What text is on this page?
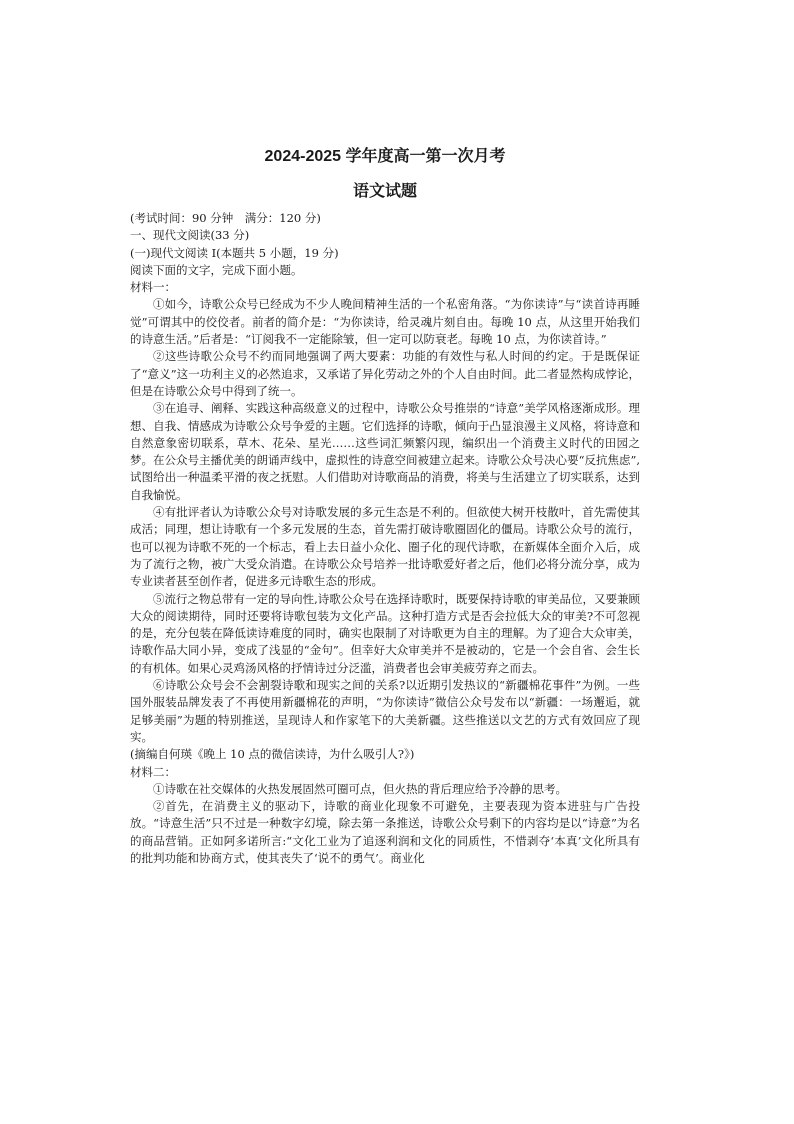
2024-2025 学年度高一第一次月考
语文试题

(考试时间：90 分钟　满分：120 分)

一、现代文阅读(33 分)

(一)现代文阅读 I(本题共 5 小题，19 分)

阅读下面的文字，完成下面小题。

材料一：

①如今，诗歌公众号已经成为不少人晚间精神生活的一个私密角落。“为你读诗”与“读首诗再睡觉”可谓其中的佼佼者。前者的简介是：“为你读诗，给灵魂片刻自由。每晚 10 点，从这里开始我们的诗意生活。”后者是：“订阅我不一定能除皱，但一定可以防衰老。每晚 10 点，为你读首诗。”

②这些诗歌公众号不约而同地强调了两大要素：功能的有效性与私人时间的约定。于是既保证了“意义”这一功利主义的必然追求，又承诺了异化劳动之外的个人自由时间。此二者显然构成悖论，但是在诗歌公众号中得到了统一。

③在追寻、阐释、实践这种高级意义的过程中，诗歌公众号推崇的“诗意”美学风格逐渐成形。理想、自我、情感成为诗歌公众号争爱的主题。它们选择的诗歌，倾向于凸显浪漫主义风格，将诗意和自然意象密切联系，草木、花朵、星光……这些词汇频繁闪现，编织出一个消费主义时代的田园之梦。在公众号主播优美的朗诵声线中，虚拟性的诗意空间被建立起来。诗歌公众号决心要“反抗焦虑”,试图给出一种温柔平滑的夜之抚慰。人们借助对诗歌商品的消费，将美与生活建立了切实联系，达到自我愉悦。

④有批评者认为诗歌公众号对诗歌发展的多元生态是不利的。但欲使大树开枝散叶，首先需使其成活；同理，想让诗歌有一个多元发展的生态，首先需打破诗歌圈固化的僵局。诗歌公众号的流行，也可以视为诗歌不死的一个标志，看上去日益小众化、圈子化的现代诗歌，在新媒体全面介入后，成为了流行之物，被广大受众消遣。在诗歌公众号培养一批诗歌爱好者之后，他们必将分流分享，成为专业读者甚至创作者，促进多元诗歌生态的形成。

⑤流行之物总带有一定的导向性,诗歌公众号在选择诗歌时，既要保持诗歌的审美品位，又要兼顾大众的阅读期待，同时还要将诗歌包装为文化产品。这种打造方式是否会拉低大众的审美?不可忽视的是，充分包装在降低读诗难度的同时，确实也限制了对诗歌更为自主的理解。为了迎合大众审美，诗歌作品大同小异，变成了浅显的“金句”。但幸好大众审美并不是被动的，它是一个会自省、会生长的有机体。如果心灵鸡汤风格的抒情诗过分泛滥，消费者也会审美疲劳弃之而去。

⑥诗歌公众号会不会割裂诗歌和现实之间的关系?以近期引发热议的“新疆棉花事件”为例。一些国外服装品牌发表了不再使用新疆棉花的声明，“为你读诗”微信公众号发布以“新疆：一场邂逅，就足够美丽”为题的特别推送，呈现诗人和作家笔下的大美新疆。这些推送以文艺的方式有效回应了现实。

(摘编自何瑛《晚上 10 点的微信读诗，为什么吸引人?》)

材料二：

①诗歌在社交媒体的火热发展固然可圈可点，但火热的背后理应给予冷静的思考。

②首先，在消费主义的驱动下，诗歌的商业化现象不可避免，主要表现为资本进驻与广告投放。“诗意生活”只不过是一种数字幻境，除去第一条推送，诗歌公众号剩下的内容均是以“诗意”为名的商品营销。正如阿多诺所言:“文化工业为了追逐利润和文化的同质性，不惜剥夺‘本真’文化所具有的批判功能和协商方式，使其丧失了‘说不的勇气’。商业化
